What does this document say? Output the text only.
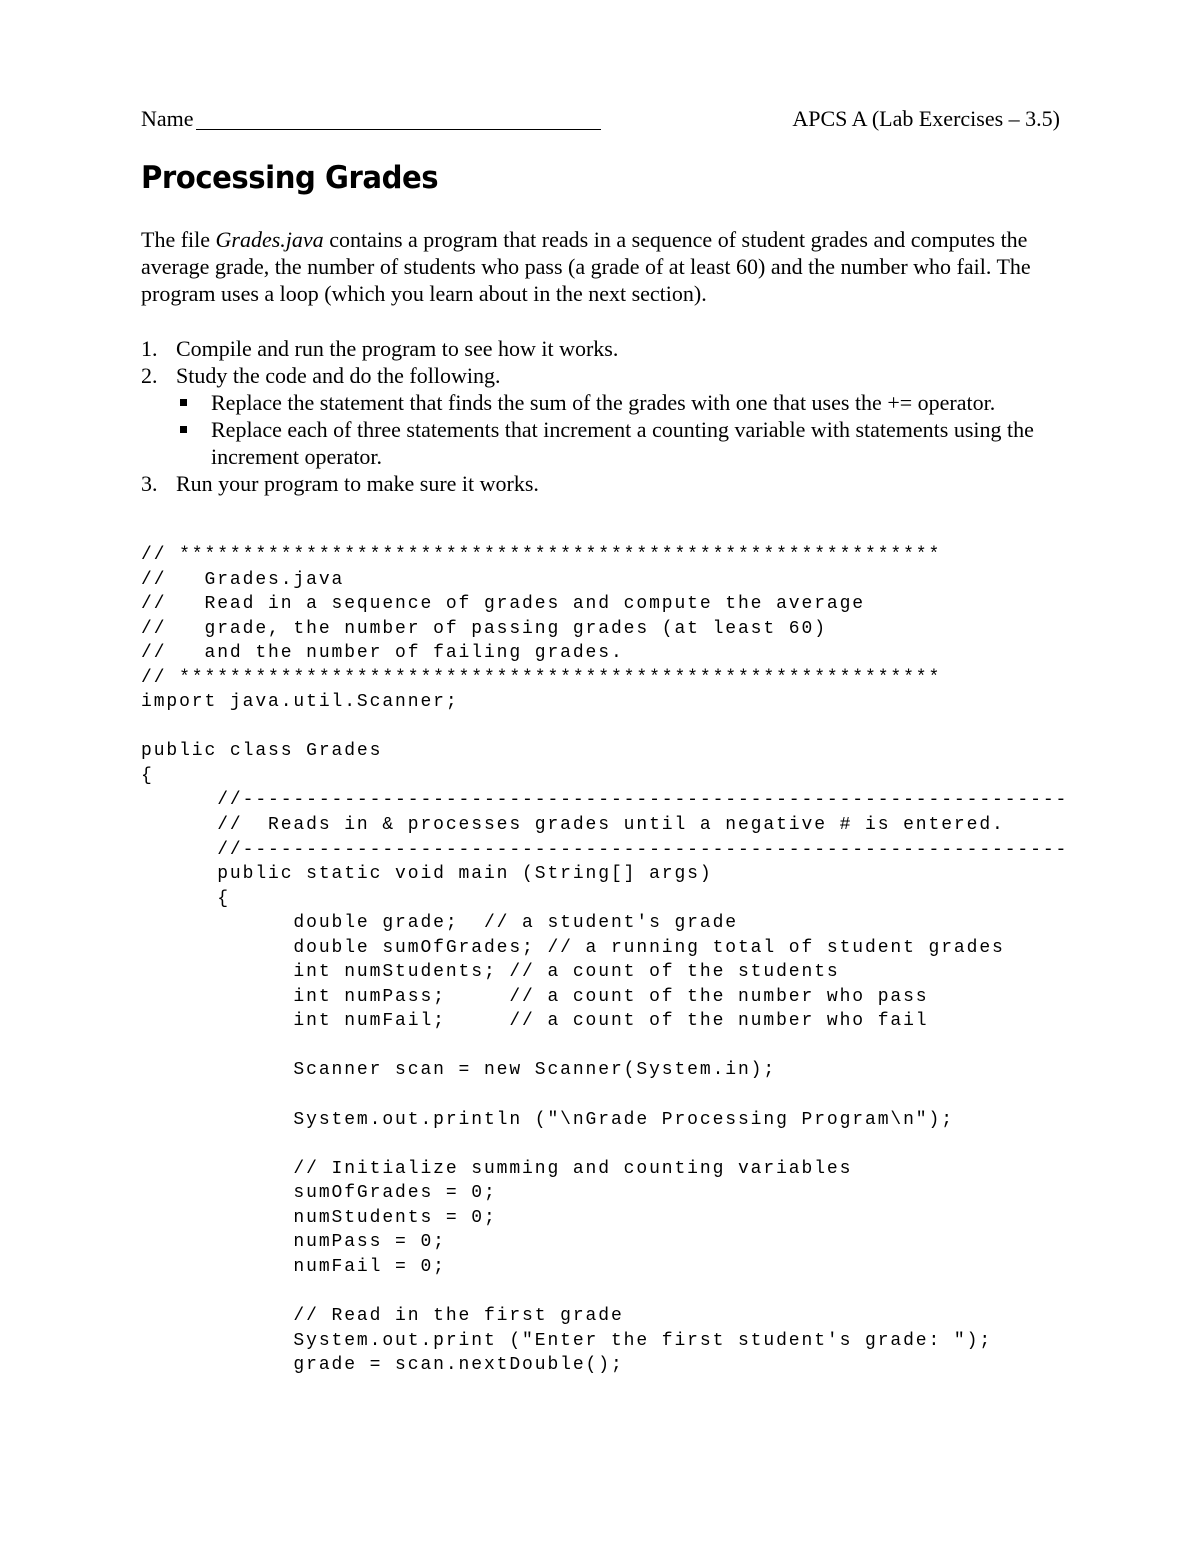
Name	APCS A (Lab Exercises – 3.5)
Processing Grades

The file Grades.java contains a program that reads in a sequence of student grades and computes the average grade, the number of students who pass (a grade of at least 60) and the number who fail. The program uses a loop (which you learn about in the next section).

1. Compile and run the program to see how it works.
2. Study the code and do the following.
Replace the statement that finds the sum of the grades with one that uses the += operator.
Replace each of three statements that increment a counting variable with statements using the increment operator.
3. Run your program to make sure it works.
// ************************************************************
//   Grades.java
//   Read in a sequence of grades and compute the average
//   grade, the number of passing grades (at least 60)
//   and the number of failing grades.
// ************************************************************
import java.util.Scanner;
public class Grades
{
//-----------------------------------------------------------------
//  Reads in & processes grades until a negative # is entered.
//-----------------------------------------------------------------
public static void main (String[] args)
{
double grade;  // a student's grade
double sumOfGrades; // a running total of student grades
int numStudents; // a count of the students
int numPass;     // a count of the number who pass
int numFail;     // a count of the number who fail
Scanner scan = new Scanner(System.in);
System.out.println ("\nGrade Processing Program\n");
// Initialize summing and counting variables
sumOfGrades = 0;
numStudents = 0;
numPass = 0;
numFail = 0;
// Read in the first grade
System.out.print ("Enter the first student's grade: ");
grade = scan.nextDouble();
